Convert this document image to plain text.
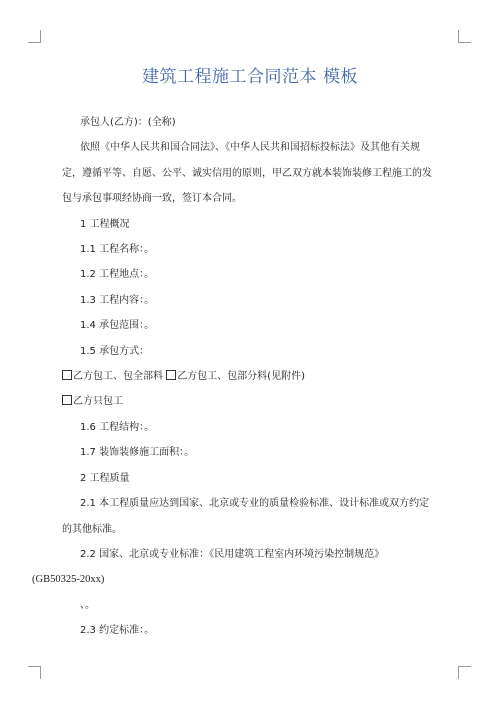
建筑工程施工合同范本 模板

承包人(乙方)：(全称)

依照《中华人民共和国合同法》、《中华人民共和国招标投标法》及其他有关规

定，遵循平等、自愿、公平、诚实信用的原则，甲乙双方就本装饰装修工程施工的发

包与承包事项经协商一致，签订本合同。

1 工程概况

1.1 工程名称：。

1.2 工程地点：。

1.3 工程内容：。

1.4 承包范围：。

1.5 承包方式：

乙方包工、包全部料 乙方包工、包部分料(见附件)

乙方只包工

1.6 工程结构：。

1.7 装饰装修施工面积：。

2 工程质量

2.1 本工程质量应达到国家、北京或专业的质量检验标准、设计标准或双方约定

的其他标准。

2.2 国家、北京或专业标准：《民用建筑工程室内环境污染控制规范》

(GB50325-20xx)

、。

2.3 约定标准：。
